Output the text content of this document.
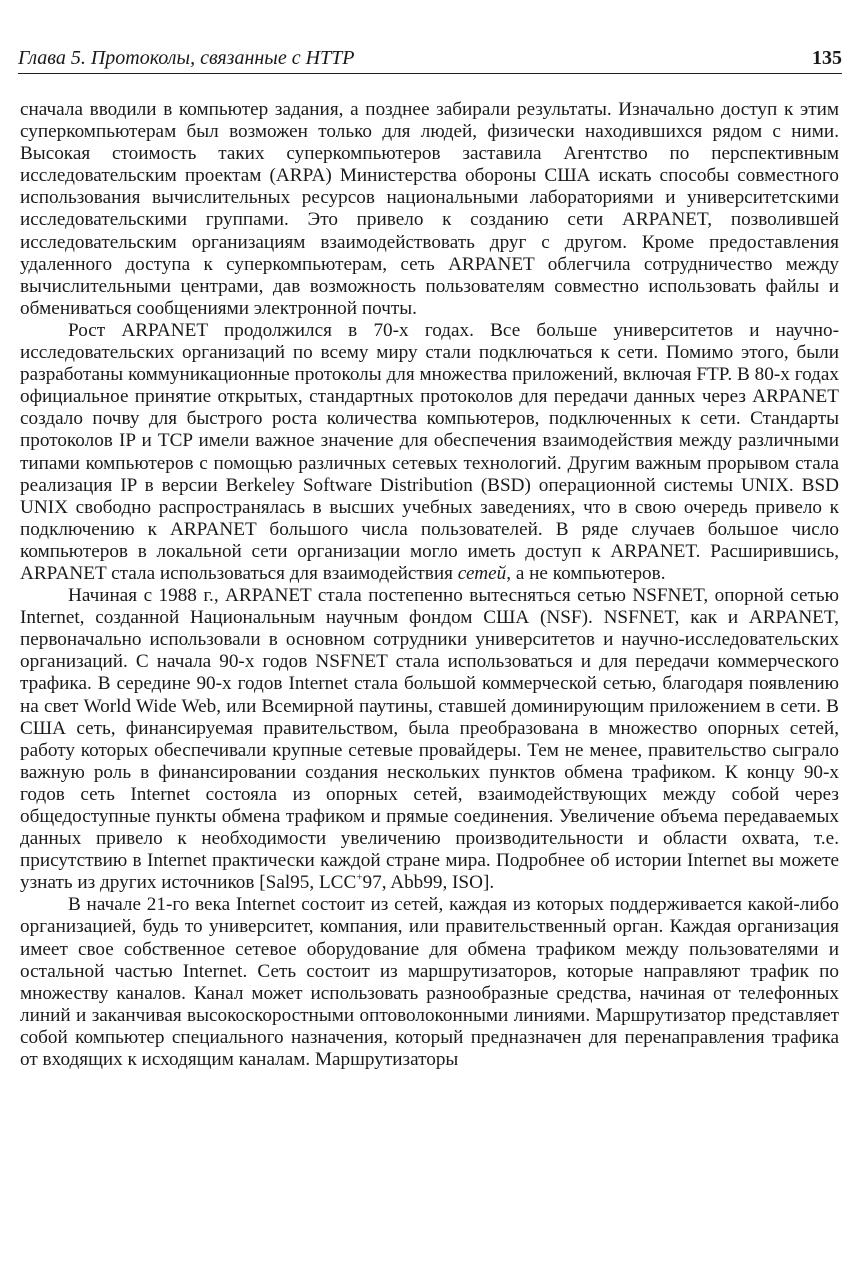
Глава 5. Протоколы, связанные с HTTP	135

сначала вводили в компьютер задания, а позднее забирали результаты. Изначально доступ к этим суперкомпьютерам был возможен только для людей, физически находившихся рядом с ними. Высокая стоимость таких суперкомпьютеров заставила Агентство по перспективным исследовательским проектам (ARPA) Министерства обороны США искать способы совместного использования вычислительных ресурсов национальными лабораториями и университетскими исследовательскими группами. Это привело к созданию сети ARPANET, позволившей исследовательским организациям взаимодействовать друг с другом. Кроме предоставления удаленного доступа к суперкомпьютерам, сеть ARPANET облегчила сотрудничество между вычислительными центрами, дав возможность пользователям совместно использовать файлы и обмениваться сообщениями электронной почты.

Рост ARPANET продолжился в 70-х годах. Все больше университетов и научно-исследовательских организаций по всему миру стали подключаться к сети. Помимо этого, были разработаны коммуникационные протоколы для множества приложений, включая FTP. В 80-х годах официальное принятие открытых, стандартных протоколов для передачи данных через ARPANET создало почву для быстрого роста количества компьютеров, подключенных к сети. Стандарты протоколов IP и TCP имели важное значение для обеспечения взаимодействия между различными типами компьютеров с помощью различных сетевых технологий. Другим важным прорывом стала реализация IP в версии Berkeley Software Distribution (BSD) операционной системы UNIX. BSD UNIX свободно распространялась в высших учебных заведениях, что в свою очередь привело к подключению к ARPANET большого числа пользователей. В ряде случаев большое число компьютеров в локальной сети организации могло иметь доступ к ARPANET. Расширившись, ARPANET стала использоваться для взаимодействия сетей, а не компьютеров.

Начиная с 1988 г., ARPANET стала постепенно вытесняться сетью NSFNET, опорной сетью Internet, созданной Национальным научным фондом США (NSF). NSFNET, как и ARPANET, первоначально использовали в основном сотрудники университетов и научно-исследовательских организаций. С начала 90-х годов NSFNET стала использоваться и для передачи коммерческого трафика. В середине 90-х годов Internet стала большой коммерческой сетью, благодаря появлению на свет World Wide Web, или Всемирной паутины, ставшей доминирующим приложением в сети. В США сеть, финансируемая правительством, была преобразована в множество опорных сетей, работу которых обеспечивали крупные сетевые провайдеры. Тем не менее, правительство сыграло важную роль в финансировании создания нескольких пунктов обмена трафиком. К концу 90-х годов сеть Internet состояла из опорных сетей, взаимодействующих между собой через общедоступные пункты обмена трафиком и прямые соединения. Увеличение объема передаваемых данных привело к необходимости увеличению производительности и области охвата, т.е. присутствию в Internet практически каждой стране мира. Подробнее об истории Internet вы можете узнать из других источников [Sal95, LCC+97, Abb99, ISO].

В начале 21-го века Internet состоит из сетей, каждая из которых поддерживается какой-либо организацией, будь то университет, компания, или правительственный орган. Каждая организация имеет свое собственное сетевое оборудование для обмена трафиком между пользователями и остальной частью Internet. Сеть состоит из маршрутизаторов, которые направляют трафик по множеству каналов. Канал может использовать разнообразные средства, начиная от телефонных линий и заканчивая высокоскоростными оптоволоконными линиями. Маршрутизатор представляет собой компьютер специального назначения, который предназначен для перенаправления трафика от входящих к исходящим каналам. Маршрутизаторы
